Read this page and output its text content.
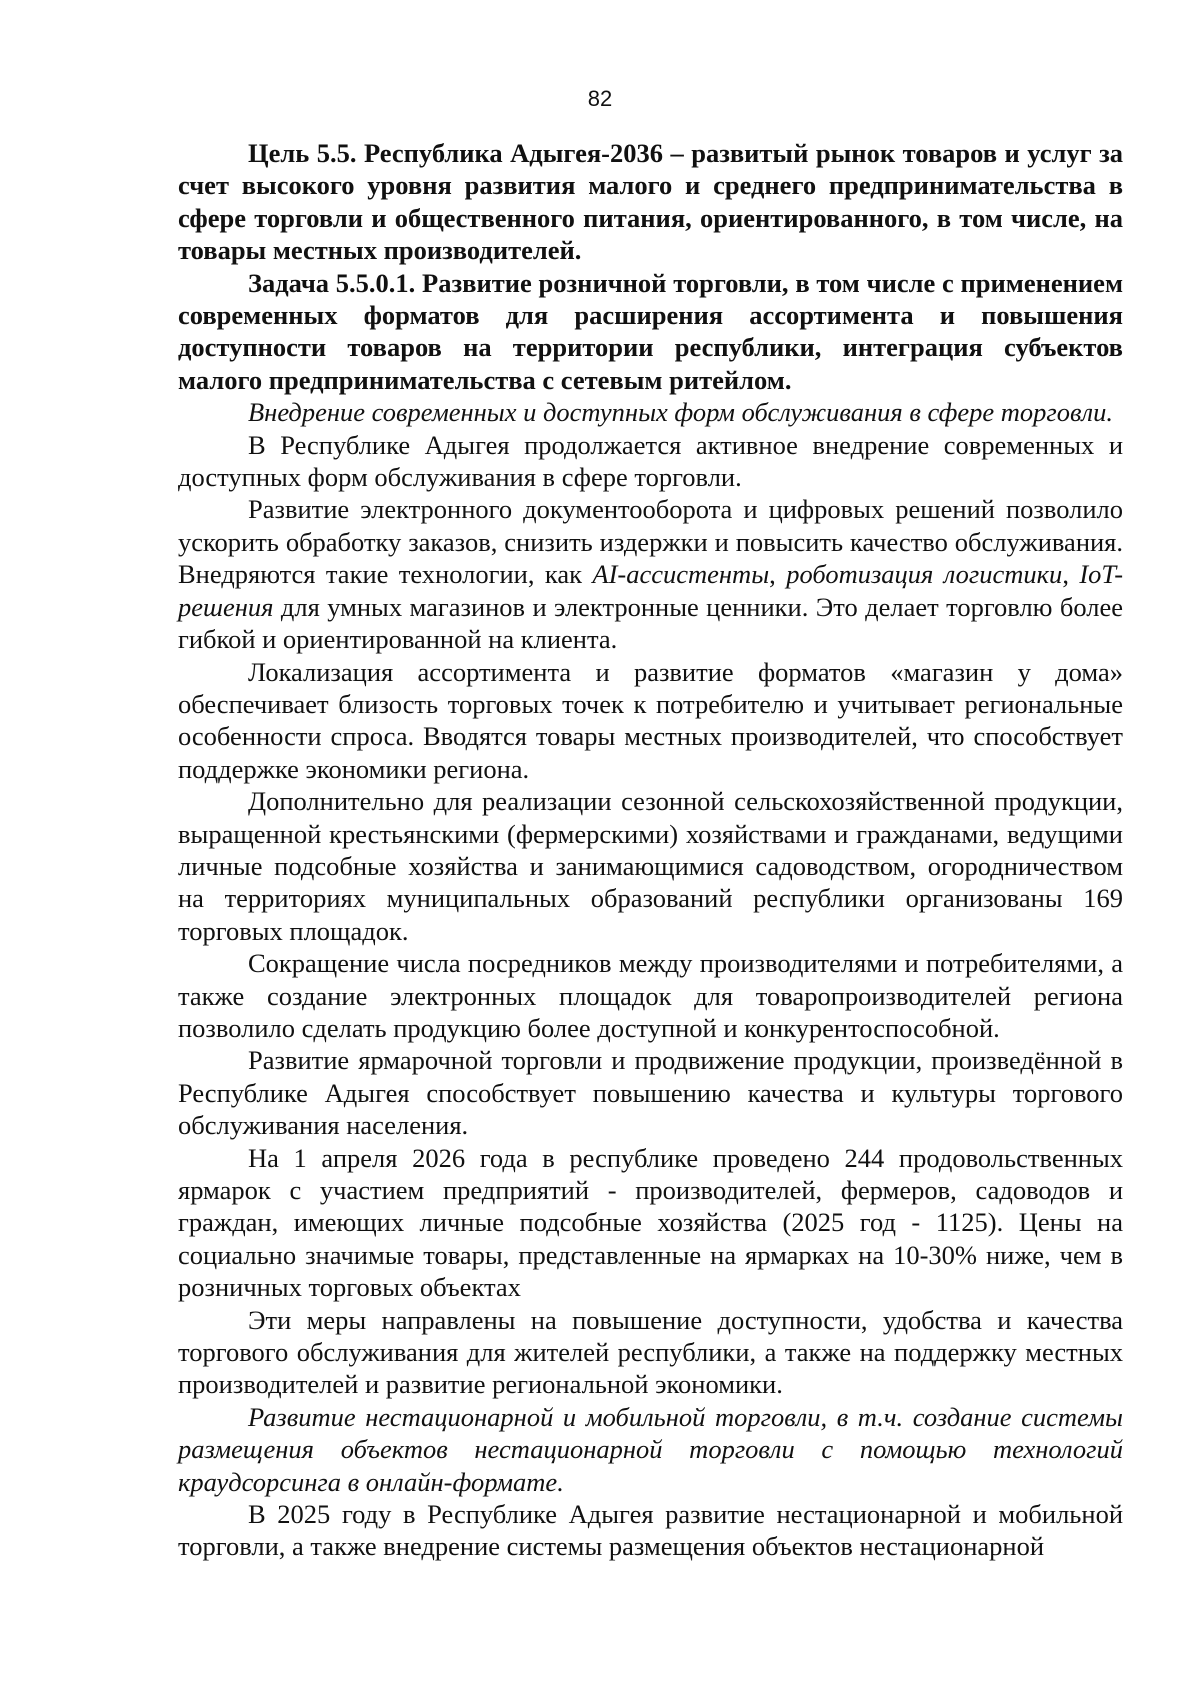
82

Цель 5.5. Республика Адыгея-2036 – развитый рынок товаров и услуг за счет высокого уровня развития малого и среднего предпринимательства в сфере торговли и общественного питания, ориентированного, в том числе, на товары местных производителей.

Задача 5.5.0.1. Развитие розничной торговли, в том числе с применением современных форматов для расширения ассортимента и повышения доступности товаров на территории республики, интеграция субъектов малого предпринимательства с сетевым ритейлом.

Внедрение современных и доступных форм обслуживания в сфере торговли.

В Республике Адыгея продолжается активное внедрение современных и доступных форм обслуживания в сфере торговли.

Развитие электронного документооборота и цифровых решений позволило ускорить обработку заказов, снизить издержки и повысить качество обслуживания. Внедряются такие технологии, как AI-ассистенты, роботизация логистики, IoT-решения для умных магазинов и электронные ценники. Это делает торговлю более гибкой и ориентированной на клиента.

Локализация ассортимента и развитие форматов «магазин у дома» обеспечивает близость торговых точек к потребителю и учитывает региональные особенности спроса. Вводятся товары местных производителей, что способствует поддержке экономики региона.

Дополнительно для реализации сезонной сельскохозяйственной продукции, выращенной крестьянскими (фермерскими) хозяйствами и гражданами, ведущими личные подсобные хозяйства и занимающимися садоводством, огородничеством на территориях муниципальных образований республики организованы 169 торговых площадок.

Сокращение числа посредников между производителями и потребителями, а также создание электронных площадок для товаропроизводителей региона позволило сделать продукцию более доступной и конкурентоспособной.

Развитие ярмарочной торговли и продвижение продукции, произведённой в Республике Адыгея способствует повышению качества и культуры торгового обслуживания населения.

На 1 апреля 2026 года в республике проведено 244 продовольственных ярмарок с участием предприятий - производителей, фермеров, садоводов и граждан, имеющих личные подсобные хозяйства (2025 год - 1125). Цены на социально значимые товары, представленные на ярмарках на 10-30% ниже, чем в розничных торговых объектах

Эти меры направлены на повышение доступности, удобства и качества торгового обслуживания для жителей республики, а также на поддержку местных производителей и развитие региональной экономики.

Развитие нестационарной и мобильной торговли, в т.ч. создание системы размещения объектов нестационарной торговли с помощью технологий краудсорсинга в онлайн-формате.

В 2025 году в Республике Адыгея развитие нестационарной и мобильной торговли, а также внедрение системы размещения объектов нестационарной
